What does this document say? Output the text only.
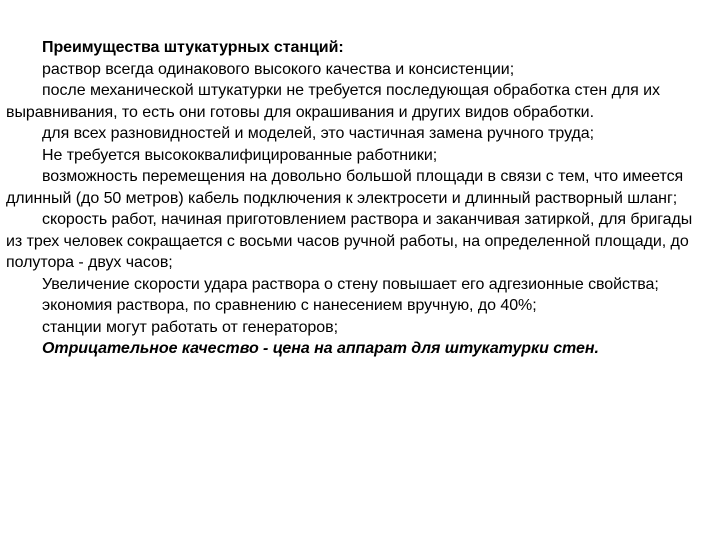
Преимущества штукатурных станций:

раствор всегда одинакового высокого качества и консистенции;

после механической штукатурки не требуется последующая обработка стен для их выравнивания, то есть они готовы для окрашивания и других видов обработки.

для всех разновидностей и моделей, это частичная замена ручного труда;

Не требуется высококвалифицированные работники;

возможность перемещения на довольно большой площади в связи с тем, что имеется длинный (до 50 метров) кабель подключения к электросети и длинный растворный шланг;

скорость работ, начиная приготовлением раствора и заканчивая затиркой, для бригады из трех человек сокращается с восьми часов ручной работы, на определенной площади, до полутора - двух часов;

Увеличение скорости удара раствора о стену повышает его адгезионные свойства;

экономия раствора, по сравнению с нанесением вручную, до 40%;

станции могут работать от генераторов;

Отрицательное качество - цена на аппарат для штукатурки стен.
